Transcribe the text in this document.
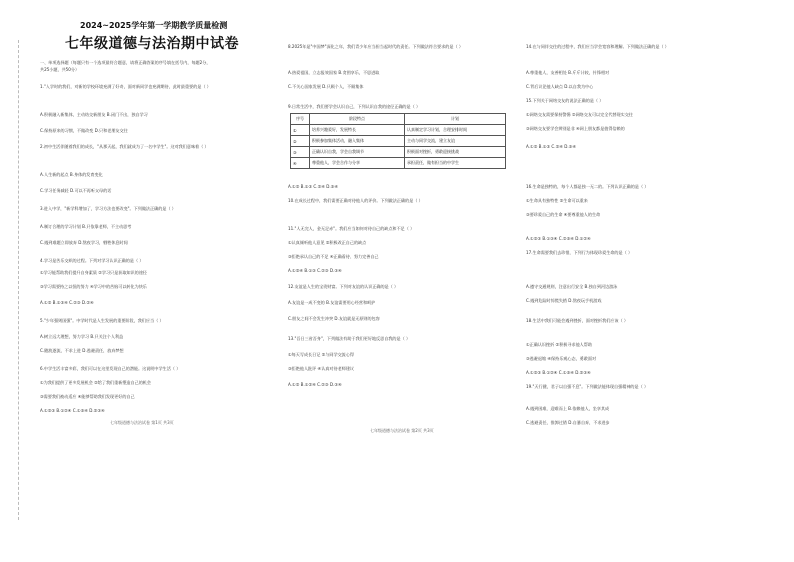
2024~2025学年第一学期教学质量检测
七年级道德与法治期中试卷
一、单项选择题（每题只有一个选项最符合题意，请将正确答案的序号填在括号内，每题2分，
共25小题，共50分）
1."入学时的我们，对新的学校环境充满了好奇，面对新同学也充满期待，此时最重要的是（ ）
A.积极融入新集体，主动结交新朋友 B.闭门不出，独自学习
C.保持原来的习惯，不做改变 D.只和老朋友交往
2.初中生活伴随着我们的成长，"从那天起，我们就成为了一名中学生"。这对我们意味着（ ）
A.人生新的起点 B.身体的发育变化
C.学习任务减轻 D.可以不再听父母的话
3.进入中学，"新学科增加了，学习方法也要改变"。下列做法正确的是（ ）
A.制订合理的学习计划 B.只依靠老师，不主动思考
C.遇到难题立即放弃 D.熬夜学习，牺牲休息时间
4.学习是苦乐交织的过程。下列对学习认识正确的是（ ）
①学习能帮助我们提升自身素质 ②学习只是获取知识的途径
③学习需要持之以恒的努力 ④学习中的苦恼可以转化为快乐
A.①② B.①③④ C.②③ D.②④
5."少年强则国强"。中学时代是人生发展的重要阶段，我们应当（ ）
A.树立远大理想，努力学习 B.只关注个人利益
C.随波逐流，不求上进 D.逃避责任，放弃梦想
6.中学生活丰富多彩，我们可以在这里发现自己的潜能。这说明中学生活（ ）
①为我们提供了更多发展机会 ②给了我们重新塑造自己的机会
③需要我们被动适应 ④能够帮助我们发现更好的自己
A.①②③ B.①②④ C.①③④ D.②③④
七年级道德与法治试卷 第1页 共3页
8.2025年是"中国梦"深化之年，我们青少年应当担当起时代的责任。下列做法符合要求的是（ ）
A.热爱祖国，立志报效国家 B.贪图享乐，不思进取
C.不关心国家发展 D.只顾个人，不顾集体
9.日常生活中，我们要学会认识自己，下列认识自我的途径正确的是（ ）
10.在成长过程中，我们需要正确对待他人的评价。下列做法正确的是（ ）
A.①② B.①③ C.②④ D.③④
11."人无完人，金无足赤"。我们应当如何对待自己的缺点和不足（ ）
①认真倾听他人意见 ②积极改正自己的缺点
③拒绝承认自己的不足 ④正确看待、努力完善自己
A.①②④ B.①③ C.②③ D.③④
12.友谊是人生的宝贵财富。下列对友谊的认识正确的是（ ）
A.友谊是一成不变的 B.友谊需要用心经营和呵护
C.朋友之间不会发生冲突 D.友谊就是无原则的包容
13."吾日三省吾身"，下列做法有助于我们更好地反思自我的是（ ）
①每天写成长日记 ②与同学交流心得
③拒绝他人批评 ④认真对待老师建议
A.①② B.①②④ C.②③ D.③④
序号	阶段特点	计划
①	培养兴趣爱好，发展特长	认真制定学习计划，合理安排时间
②	积极参加集体活动，融入集体	主动与同学交流，建立友谊
③	正确认识自我，学会自我调节	积极面对挫折，勇敢迎接挑战
④	尊重他人，学会合作与分享	承担责任，做有担当的中学生
七年级道德与法治试卷 第2页 共3页
14.在与同伴交往的过程中，我们应当学会宽容和理解。下列做法正确的是（ ）
A.尊重他人，友善相处 B.斤斤计较，针锋相对
C.背后议论他人缺点 D.以自我为中心
15.下列关于网络交友的说法正确的是（ ）
①网络交友需要保持警惕 ②网络交友可以完全代替现实交往
③网络交友要学会辨别是非 ④网上朋友都是值得信赖的
A.①② B.①③ C.②④ D.③④
16.生命是独特的，每个人都是独一无二的。下列认识正确的是（ ）
①生命具有独特性 ②生命可以重来
③要珍爱自己的生命 ④要尊重他人的生命
A.①②③ B.①③④ C.②③④ D.①②④
17.生命需要我们去珍惜，下列行为体现珍爱生命的是（ ）
A.遵守交通规则，注意出行安全 B.独自到河边游泳
C.遇到危险时惊慌失措 D.熬夜玩手机游戏
18.生活中我们可能会遇到挫折，面对挫折我们应该（ ）
①正确认识挫折 ②积极寻求他人帮助
③逃避退缩 ④保持乐观心态，勇敢面对
A.①②③ B.①②④ C.①③④ D.②③④
19."天行健，君子以自强不息"。下列做法能体现自强精神的是（ ）
A.遇到困难，迎难而上 B.依赖他人，坐享其成
C.逃避责任，推卸过错 D.自暴自弃，不求进步
